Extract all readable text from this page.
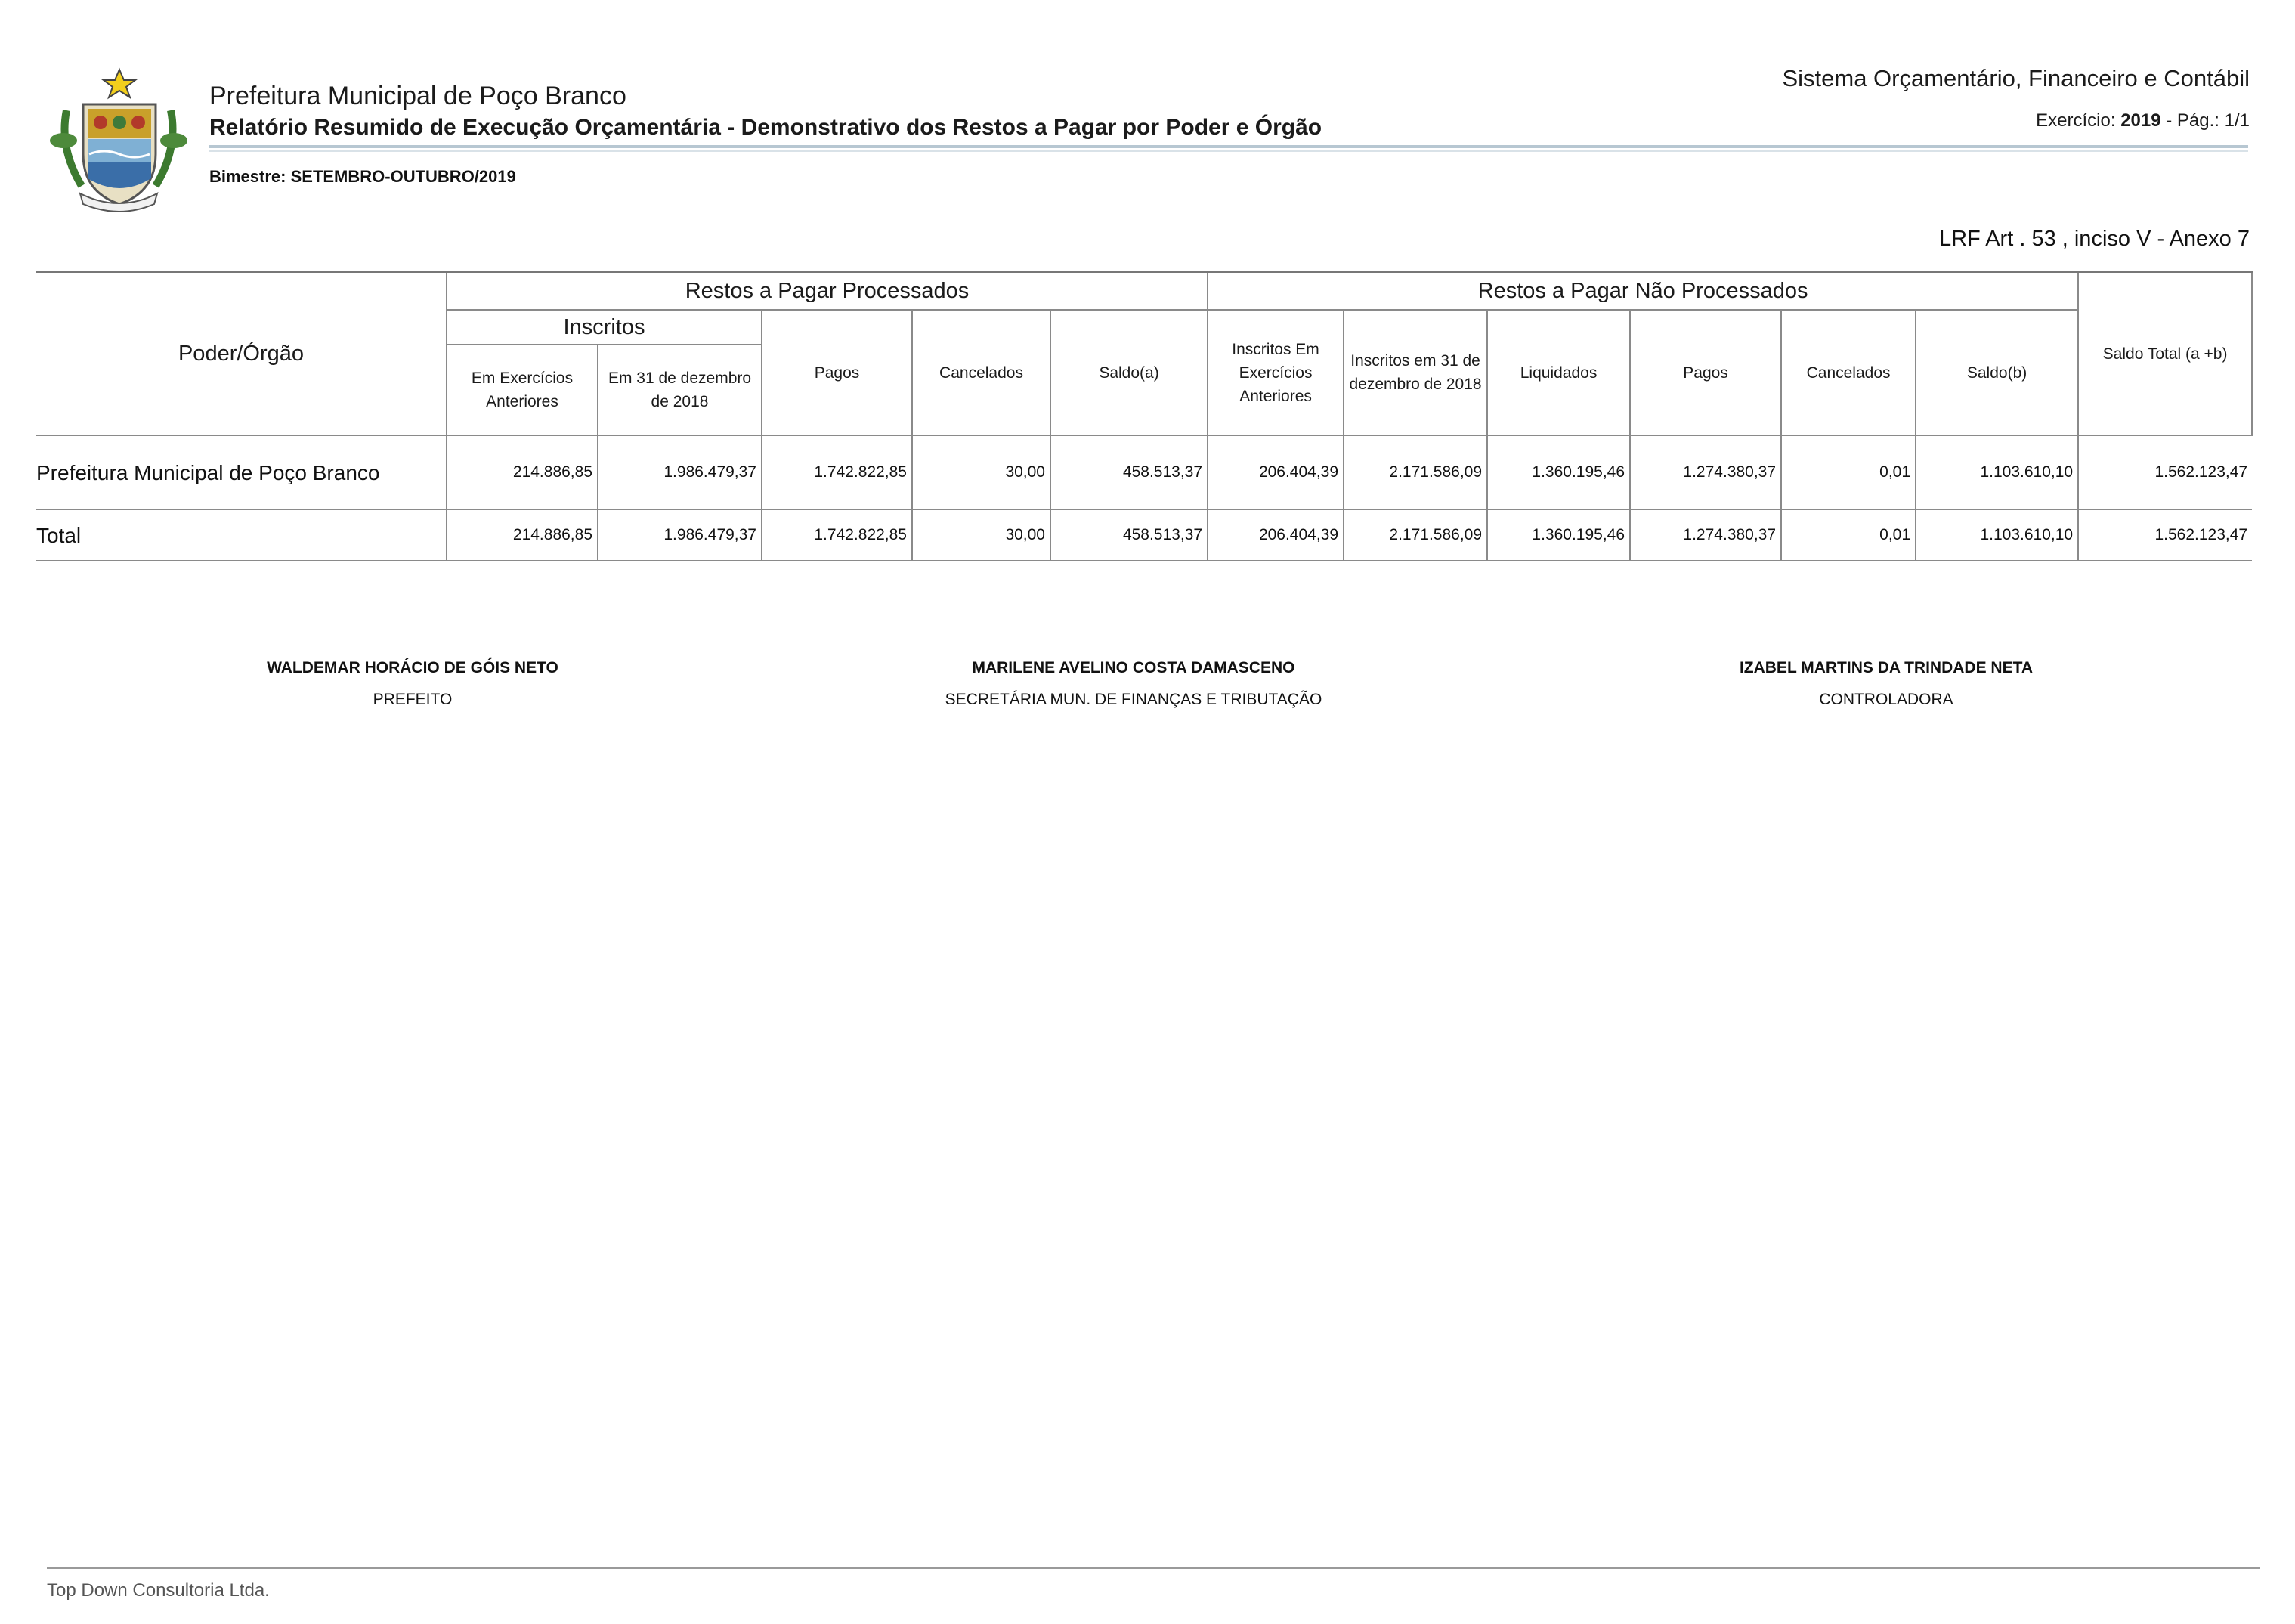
Prefeitura Municipal de Poço Branco
Relatório Resumido de Execução Orçamentária - Demonstrativo dos Restos a Pagar por Poder e Órgão
Sistema Orçamentário, Financeiro e Contábil
Exercício: 2019 - Pág.: 1/1
Bimestre: SETEMBRO-OUTUBRO/2019
LRF Art . 53 , inciso V - Anexo 7
Poder/Órgão	Restos a Pagar Processados					Restos a Pagar Não Processados						Saldo Total (a +b)
	Inscritos		Pagos	Cancelados	Saldo(a)	Inscritos Em Exercícios Anteriores	Inscritos em 31 de dezembro de 2018	Liquidados	Pagos	Cancelados	Saldo(b)	
	Em Exercícios Anteriores	Em 31 de dezembro de 2018										
Prefeitura Municipal de Poço Branco	214.886,85	1.986.479,37	1.742.822,85	30,00	458.513,37	206.404,39	2.171.586,09	1.360.195,46	1.274.380,37	0,01	1.103.610,10	1.562.123,47
Total	214.886,85	1.986.479,37	1.742.822,85	30,00	458.513,37	206.404,39	2.171.586,09	1.360.195,46	1.274.380,37	0,01	1.103.610,10	1.562.123,47
WALDEMAR HORÁCIO DE GÓIS NETO
PREFEITO
MARILENE AVELINO COSTA DAMASCENO
SECRETÁRIA MUN. DE FINANÇAS E TRIBUTAÇÃO
IZABEL MARTINS DA TRINDADE NETA
CONTROLADORA
Top Down Consultoria Ltda.
